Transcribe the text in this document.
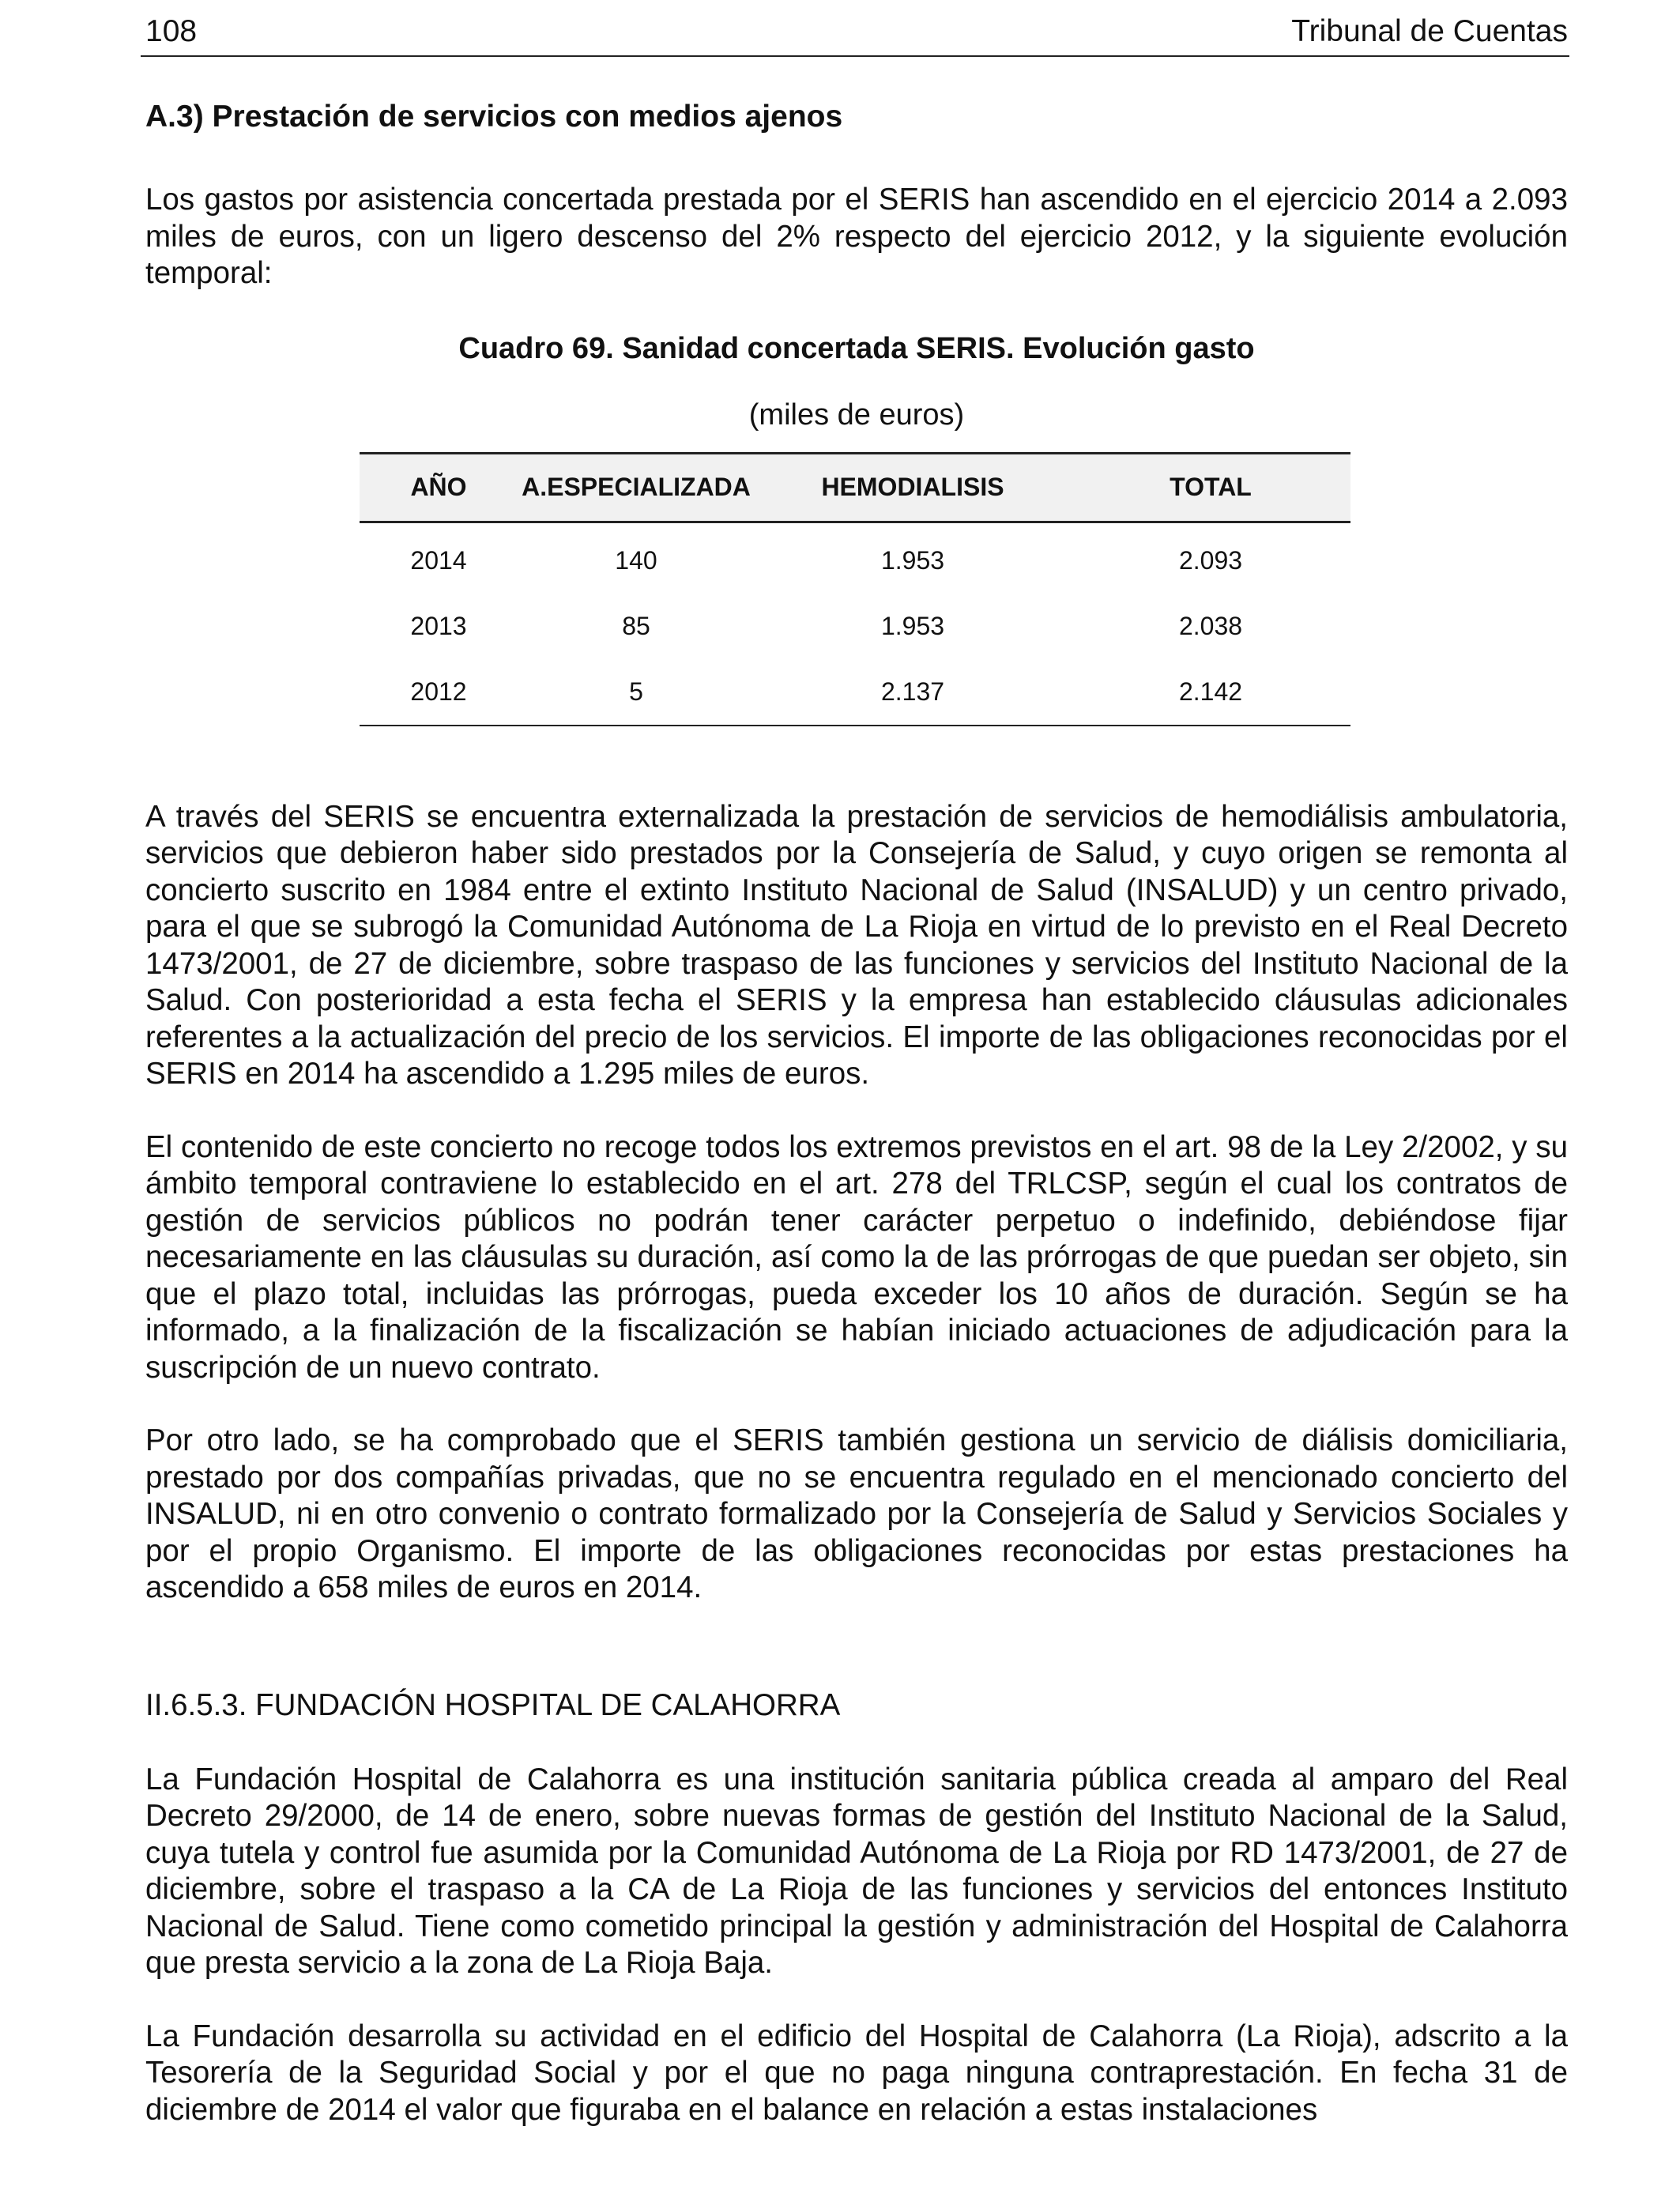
108	Tribunal de Cuentas
A.3) Prestación de servicios con medios ajenos

Los gastos por asistencia concertada prestada por el SERIS han ascendido en el ejercicio 2014 a 2.093 miles de euros, con un ligero descenso del 2% respecto del ejercicio 2012, y la siguiente evolución temporal:

Cuadro 69. Sanidad concertada SERIS. Evolución gasto
(miles de euros)
AÑO	A.ESPECIALIZADA	HEMODIALISIS	TOTAL
2014	140	1.953	2.093
2013	85	1.953	2.038
2012	5	2.137	2.142

A través del SERIS se encuentra externalizada la prestación de servicios de hemodiálisis ambulatoria, servicios que debieron haber sido prestados por la Consejería de Salud, y cuyo origen se remonta al concierto suscrito en 1984 entre el extinto Instituto Nacional de Salud (INSALUD) y un centro privado, para el que se subrogó la Comunidad Autónoma de La Rioja en virtud de lo previsto en el Real Decreto 1473/2001, de 27 de diciembre, sobre traspaso de las funciones y servicios del Instituto Nacional de la Salud. Con posterioridad a esta fecha el SERIS y la empresa han establecido cláusulas adicionales referentes a la actualización del precio de los servicios. El importe de las obligaciones reconocidas por el SERIS en 2014 ha ascendido a 1.295 miles de euros.

El contenido de este concierto no recoge todos los extremos previstos en el art. 98 de la Ley 2/2002, y su ámbito temporal contraviene lo establecido en el art. 278 del TRLCSP, según el cual los contratos de gestión de servicios públicos no podrán tener carácter perpetuo o indefinido, debiéndose fijar necesariamente en las cláusulas su duración, así como la de las prórrogas de que puedan ser objeto, sin que el plazo total, incluidas las prórrogas, pueda exceder los 10 años de duración. Según se ha informado, a la finalización de la fiscalización se habían iniciado actuaciones de adjudicación para la suscripción de un nuevo contrato.

Por otro lado, se ha comprobado que el SERIS también gestiona un servicio de diálisis domiciliaria, prestado por dos compañías privadas, que no se encuentra regulado en el mencionado concierto del INSALUD, ni en otro convenio o contrato formalizado por la Consejería de Salud y Servicios Sociales y por el propio Organismo. El importe de las obligaciones reconocidas por estas prestaciones ha ascendido a 658 miles de euros en 2014.

II.6.5.3. FUNDACIÓN HOSPITAL DE CALAHORRA

La Fundación Hospital de Calahorra es una institución sanitaria pública creada al amparo del Real Decreto 29/2000, de 14 de enero, sobre nuevas formas de gestión del Instituto Nacional de la Salud, cuya tutela y control fue asumida por la Comunidad Autónoma de La Rioja por RD 1473/2001, de 27 de diciembre, sobre el traspaso a la CA de La Rioja de las funciones y servicios del entonces Instituto Nacional de Salud. Tiene como cometido principal la gestión y administración del Hospital de Calahorra que presta servicio a la zona de La Rioja Baja.

La Fundación desarrolla su actividad en el edificio del Hospital de Calahorra (La Rioja), adscrito a la Tesorería de la Seguridad Social y por el que no paga ninguna contraprestación. En fecha 31 de diciembre de 2014 el valor que figuraba en el balance en relación a estas instalaciones
